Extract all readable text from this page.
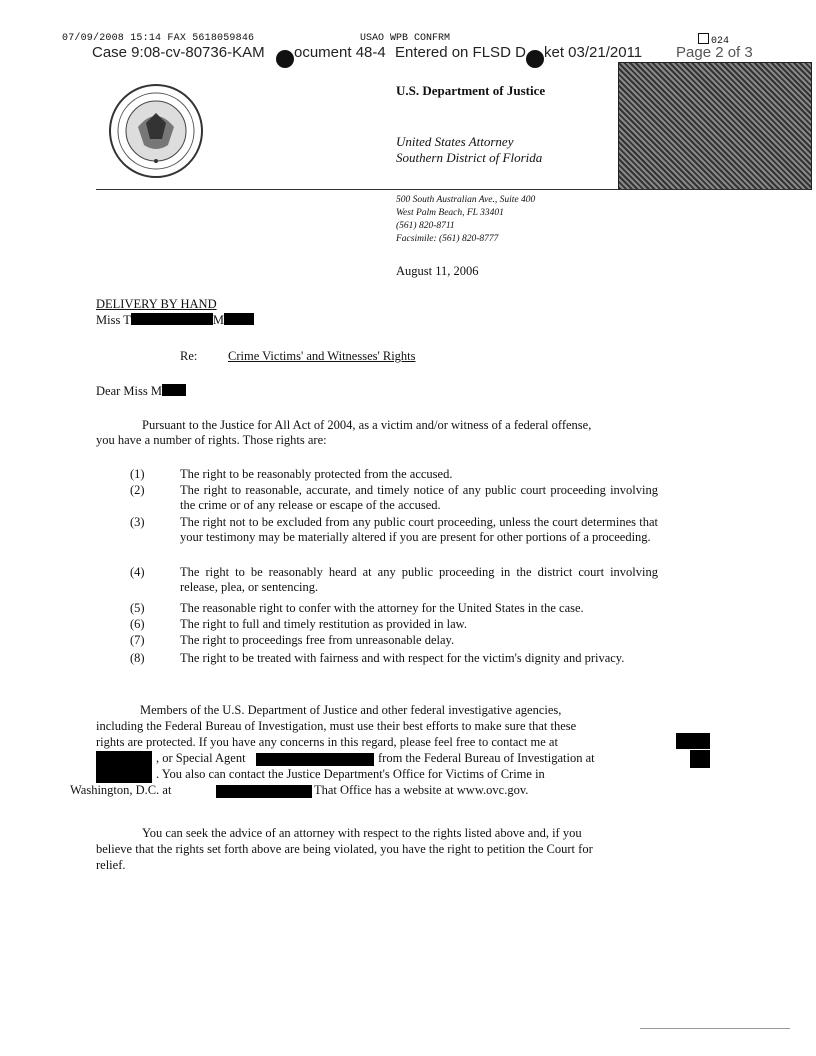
07/09/2008 15:14 FAX 5618059846	USAO WPB CONFRM	024
Case 9:08-cv-80736-KAM ocument 48-4 Entered on FLSD D ket 03/21/2011 Page 2 of 3
U.S. Department of Justice
United States Attorney
Southern District of Florida
500 South Australian Ave., Suite 400
West Palm Beach, FL 33401
(561) 820-8711
Facsimile: (561) 820-8777
August 11, 2006
DELIVERY BY HAND
Miss T	M
Re: Crime Victims' and Witnesses' Rights
Dear Miss M
Pursuant to the Justice for All Act of 2004, as a victim and/or witness of a federal offense,
you have a number of rights. Those rights are:
(1)	The right to be reasonably protected from the accused.
(2)	The right to reasonable, accurate, and timely notice of any public court proceeding involving the crime or of any release or escape of the accused.
(3)	The right not to be excluded from any public court proceeding, unless the court determines that your testimony may be materially altered if you are present for other portions of a proceeding.
(4)	The right to be reasonably heard at any public proceeding in the district court involving release, plea, or sentencing.
(5)	The reasonable right to confer with the attorney for the United States in the case.
(6)	The right to full and timely restitution as provided in law.
(7)	The right to proceedings free from unreasonable delay.
(8)	The right to be treated with fairness and with respect for the victim's dignity and privacy.
Members of the U.S. Department of Justice and other federal investigative agencies,
including the Federal Bureau of Investigation, must use their best efforts to make sure that these
rights are protected. If you have any concerns in this regard, please feel free to contact me at
, or Special Agent	from the Federal Bureau of Investigation at
. You also can contact the Justice Department's Office for Victims of Crime in
Washington, D.C. at	That Office has a website at www.ovc.gov.
You can seek the advice of an attorney with respect to the rights listed above and, if you
believe that the rights set forth above are being violated, you have the right to petition the Court for
relief.
